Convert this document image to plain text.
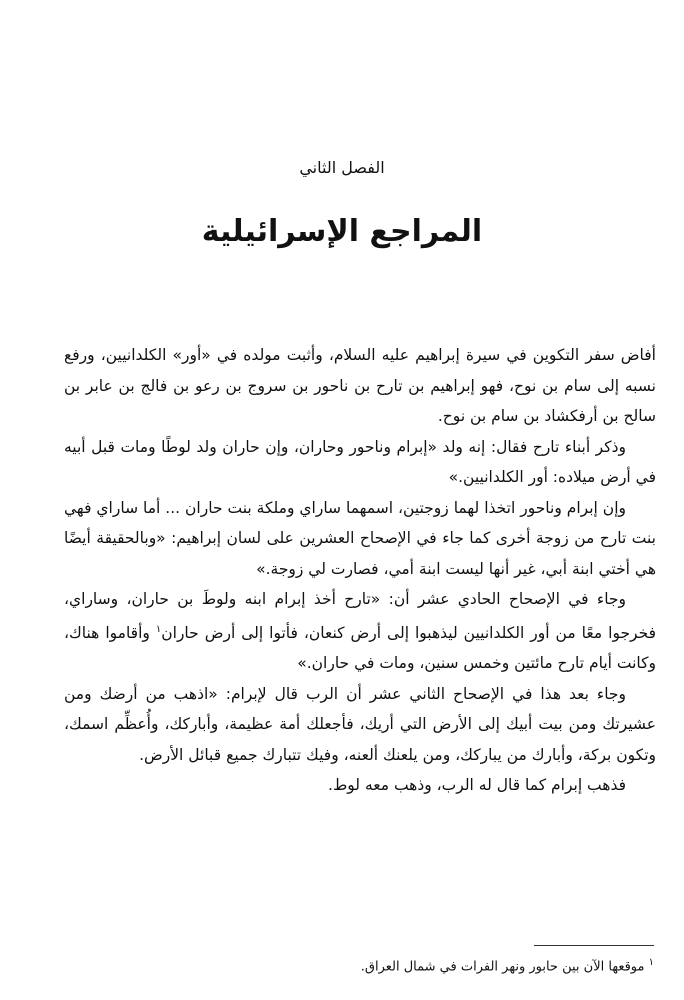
الفصل الثاني
المراجع الإسرائيلية

أفاض سفر التكوين في سيرة إبراهيم عليه السلام، وأثبت مولده في «أور» الكلدانيين، ورفع نسبه إلى سام بن نوح، فهو إبراهيم بن تارح بن ناحور بن سروج بن رعو بن فالج بن عابر بن سالح بن أرفكشاد بن سام بن نوح.

وذكر أبناء تارح فقال: إنه ولد «إبرام وناحور وحاران، وإن حاران ولد لوطًا ومات قبل أبيه في أرض ميلاده: أور الكلدانيين.»

وإن إبرام وناحور اتخذا لهما زوجتين، اسمهما ساراي وملكة بنت حاران ... أما ساراي فهي بنت تارح من زوجة أخرى كما جاء في الإصحاح العشرين على لسان إبراهيم: «وبالحقيقة أيضًا هي أختي ابنة أبي، غير أنها ليست ابنة أمي، فصارت لي زوجة.»

وجاء في الإصحاح الحادي عشر أن: «تارح أخذ إبرام ابنه ولوطَ بن حاران، وساراي، فخرجوا معًا من أور الكلدانيين ليذهبوا إلى أرض كنعان، فأتوا إلى أرض حاران$^١$ وأقاموا هناك، وكانت أيام تارح مائتين وخمس سنين، ومات في حاران.»

وجاء بعد هذا في الإصحاح الثاني عشر أن الرب قال لإبرام: «اذهب من أرضك ومن عشيرتك ومن بيت أبيك إلى الأرض التي أريك، فأجعلك أمة عظيمة، وأباركك، وأُعظِّم اسمك، وتكون بركة، وأبارك من يباركك، ومن يلعنك ألعنه، وفيك تتبارك جميع قبائل الأرض.

فذهب إبرام كما قال له الرب، وذهب معه لوط.

$^١$ موقعها الآن بين حابور ونهر الفرات في شمال العراق.
